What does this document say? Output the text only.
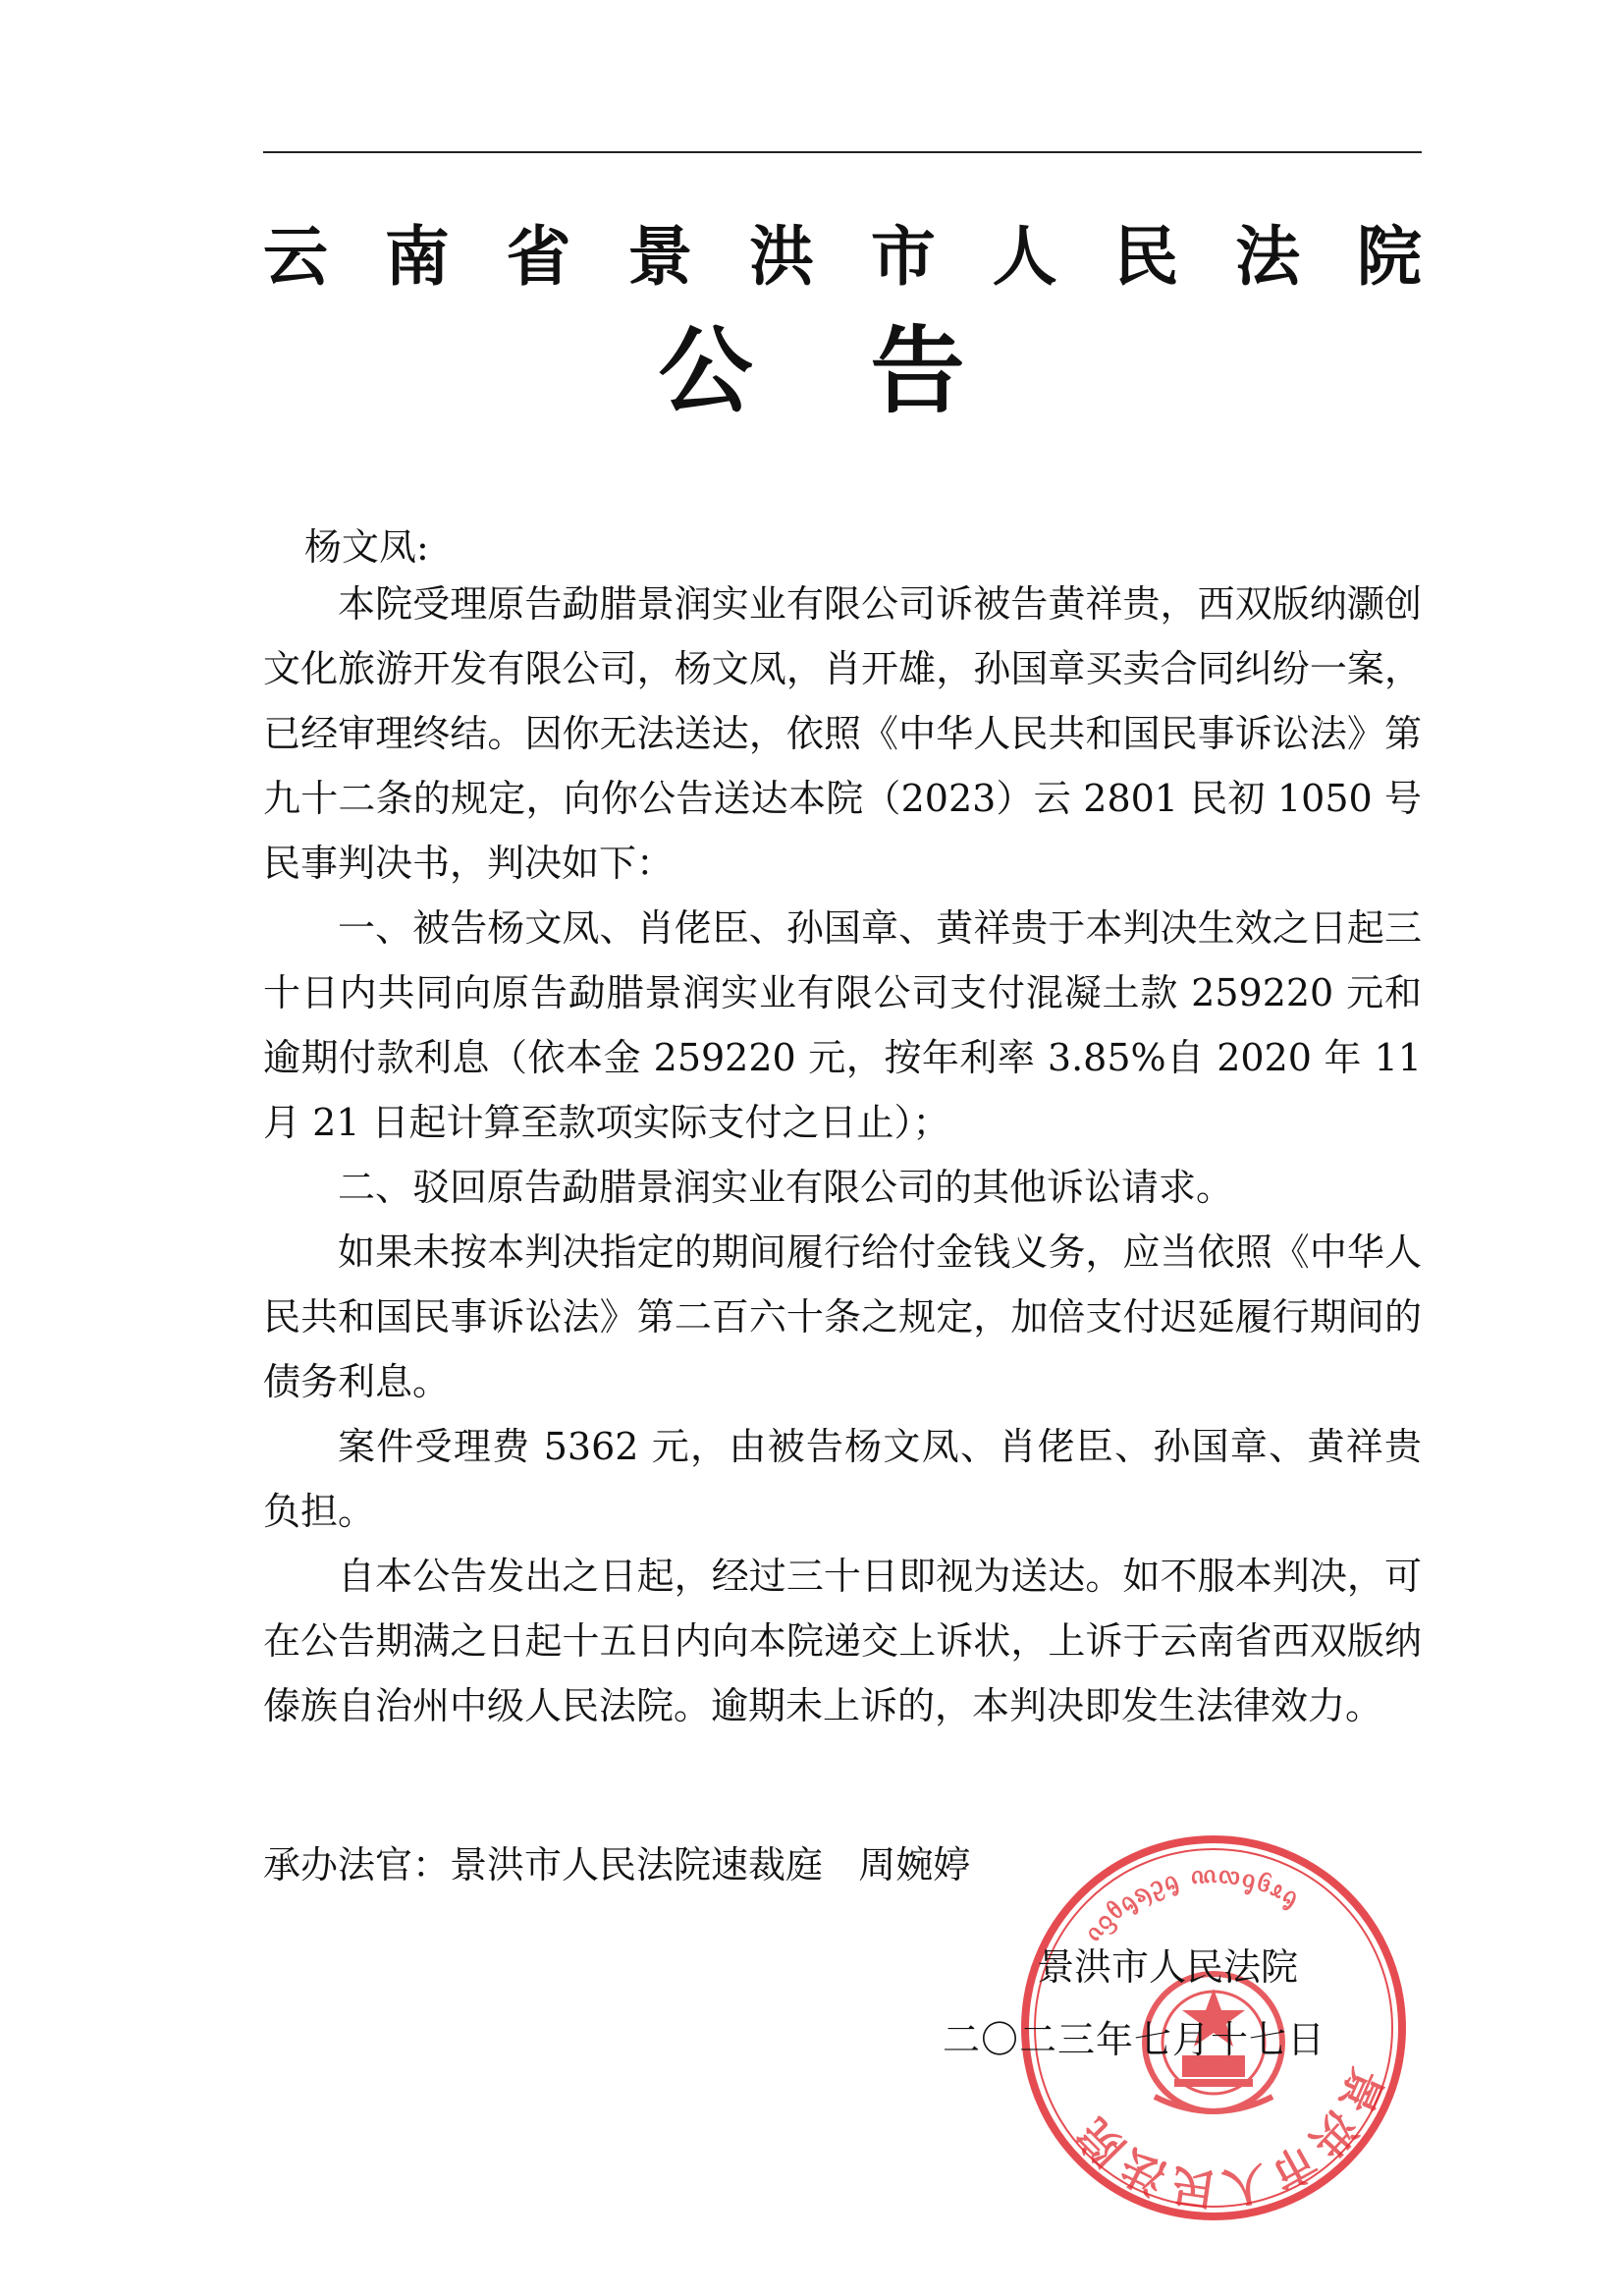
云 南 省 景 洪 市 人 民 法 院
公告
杨文凤:

本院受理原告勐腊景润实业有限公司诉被告黄祥贵，西双版纳灏创文化旅游开发有限公司，杨文凤，肖开雄，孙国章买卖合同纠纷一案，已经审理终结。因你无法送达，依照《中华人民共和国民事诉讼法》第九十二条的规定，向你公告送达本院（2023）云 2801 民初 1050 号民事判决书，判决如下：

一、被告杨文凤、肖佬臣、孙国章、黄祥贵于本判决生效之日起三十日内共同向原告勐腊景润实业有限公司支付混凝土款 259220 元和逾期付款利息（依本金 259220 元，按年利率 3.85%自 2020 年 11 月 21 日起计算至款项实际支付之日止）；

二、驳回原告勐腊景润实业有限公司的其他诉讼请求。

如果未按本判决指定的期间履行给付金钱义务，应当依照《中华人民共和国民事诉讼法》第二百六十条之规定，加倍支付迟延履行期间的债务利息。

案件受理费 5362 元，由被告杨文凤、肖佬臣、孙国章、黄祥贵负担。

自本公告发出之日起，经过三十日即视为送达。如不服本判决，可在公告期满之日起十五日内向本院递交上诉状，上诉于云南省西双版纳傣族自治州中级人民法院。逾期未上诉的，本判决即发生法律效力。

承办法官：景洪市人民法院速裁庭   周婉婷
景洪市人民法院
ᦵᦋᦲᧂᦣᦳᧂ ᦶᦟᧁᦑᦸᧂ
景洪市人民法院
二〇二三年七月十七日
